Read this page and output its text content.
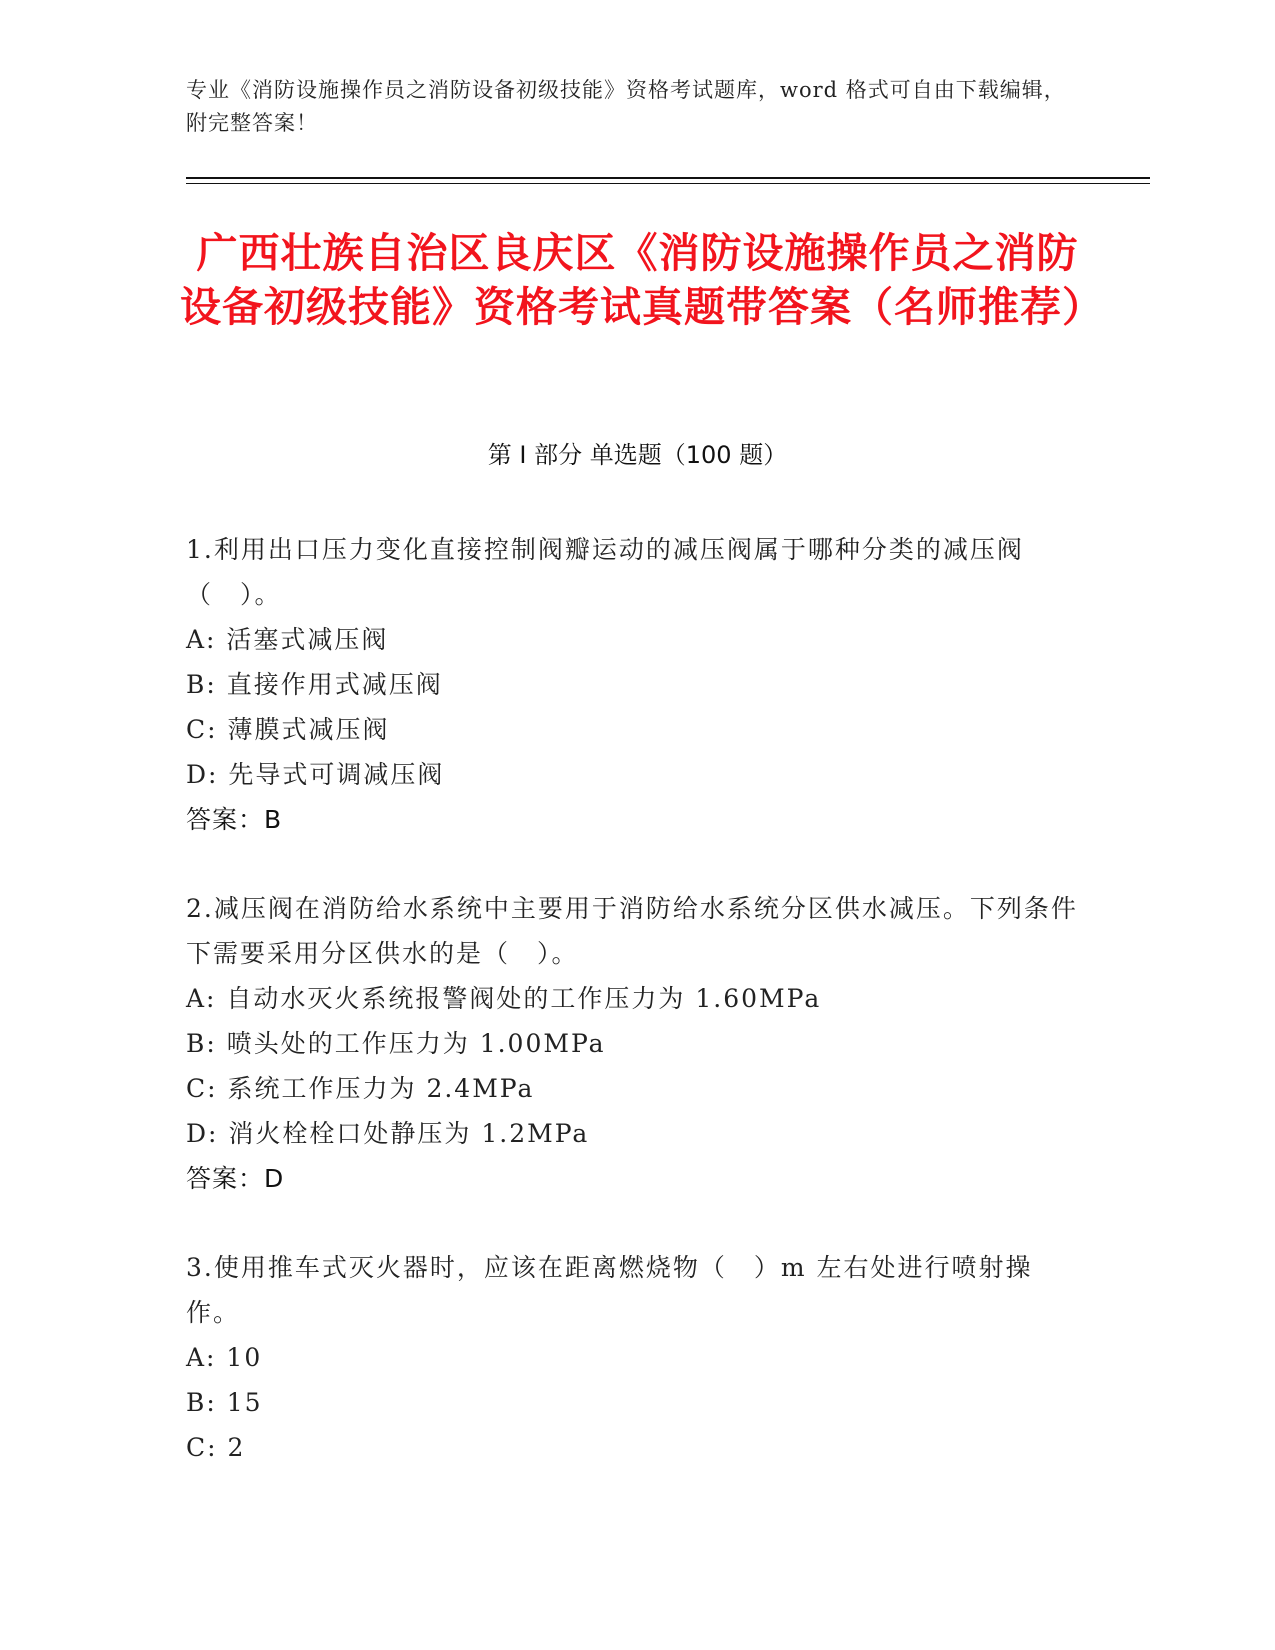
专业《消防设施操作员之消防设备初级技能》资格考试题库，word 格式可自由下载编辑，附完整答案！
广西壮族自治区良庆区《消防设施操作员之消防设备初级技能》资格考试真题带答案（名师推荐）
第 I 部分 单选题（100 题）
1.利用出口压力变化直接控制阀瓣运动的减压阀属于哪种分类的减压阀（　）。
A: 活塞式减压阀
B: 直接作用式减压阀
C: 薄膜式减压阀
D: 先导式可调减压阀
答案：B
2.减压阀在消防给水系统中主要用于消防给水系统分区供水减压。下列条件下需要采用分区供水的是（　）。
A: 自动水灭火系统报警阀处的工作压力为 1.60MPa
B: 喷头处的工作压力为 1.00MPa
C: 系统工作压力为 2.4MPa
D: 消火栓栓口处静压为 1.2MPa
答案：D
3.使用推车式灭火器时，应该在距离燃烧物（　）m 左右处进行喷射操作。
A: 10
B: 15
C: 2
